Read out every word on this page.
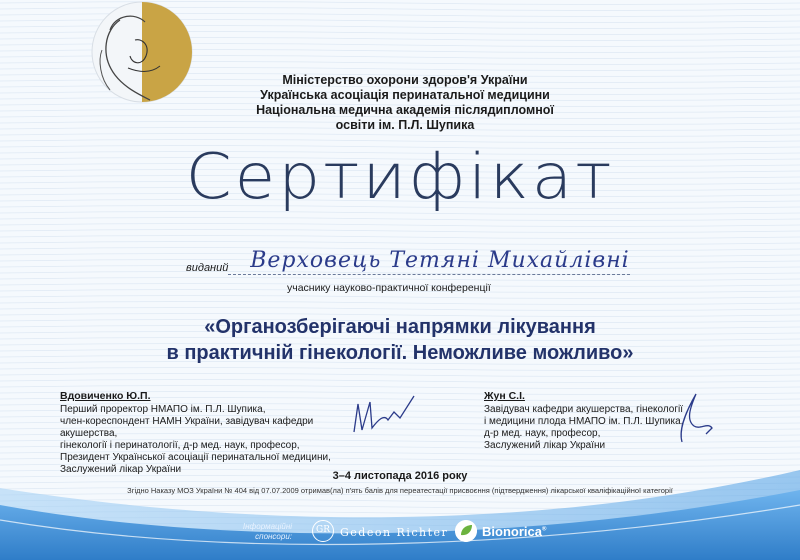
Міністерство охорони здоров'я України
Українська асоціація перинатальної медицини
Національна медична академія післядипломної
освіти ім. П.Л. Шупика
Сертифікат
виданий Верховець Тетяні Михайлівні
учаснику науково-практичної конференції
«Органозберігаючі напрямки лікування
в практичній гінекології. Неможливе можливо»
Вдовиченко Ю.П.
Перший проректор НМАПО ім. П.Л. Шупика,
член-кореспондент НАМН України, завідувач кафедри акушерства,
гінекології і перинатології, д-р мед. наук, професор,
Президент Української асоціації перинатальної медицини,
Заслужений лікар України
Жун С.І.
Завідувач кафедри акушерства, гінекології
і медицини плода НМАПО ім. П.Л. Шупика,
д-р мед. наук, професор,
Заслужений лікар України
3–4 листопада 2016 року
Згідно Наказу МОЗ України № 404 від 07.07.2009 отримав(ла) п'ять балів для переатестації присвоєння (підтвердження) лікарської кваліфікаційної категорії
Інформаційні
спонсори:
GR Gedeon Richter	Bionorica®
